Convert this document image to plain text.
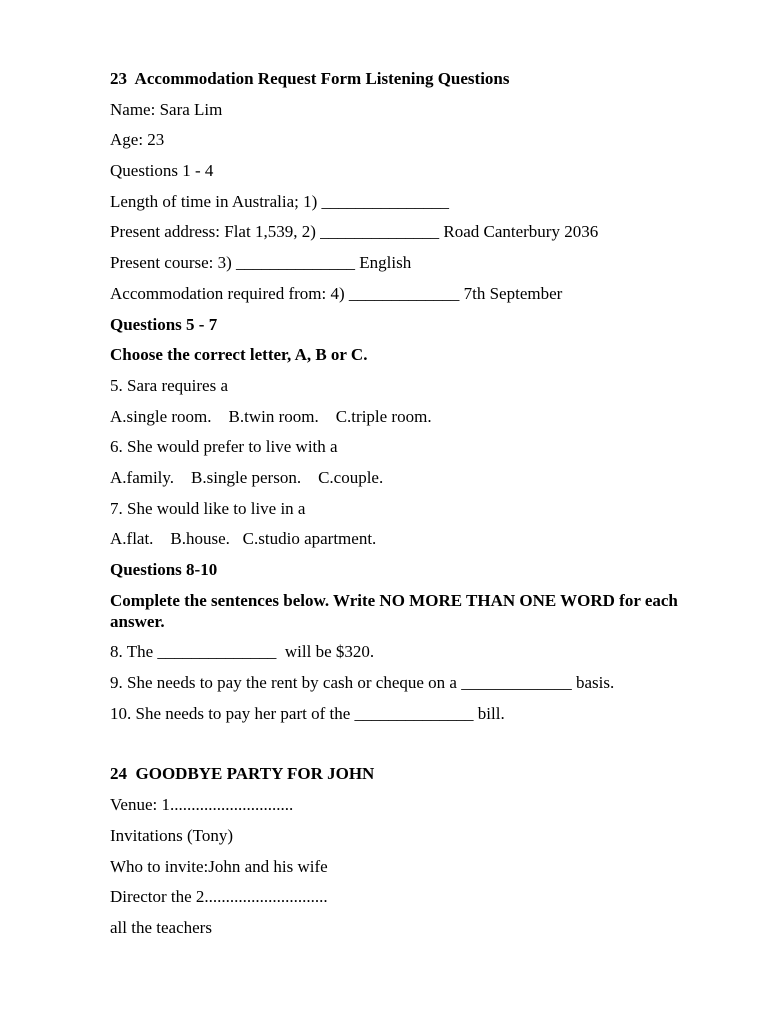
23  Accommodation Request Form Listening Questions
Name: Sara Lim
Age: 23
Questions 1 - 4
Length of time in Australia; 1) _______________
Present address: Flat 1,539, 2) ______________ Road Canterbury 2036
Present course: 3) ______________ English
Accommodation required from: 4) _____________ 7th September
Questions 5 - 7
Choose the correct letter, A, B or C.
5. Sara requires a
A.single room.    B.twin room.    C.triple room.
6. She would prefer to live with a
A.family.    B.single person.    C.couple.
7. She would like to live in a
A.flat.    B.house.   C.studio apartment.
Questions 8-10
Complete the sentences below. Write NO MORE THAN ONE WORD for each answer.
8. The ______________  will be $320.
9. She needs to pay the rent by cash or cheque on a _____________ basis.
10. She needs to pay her part of the ______________ bill.
24  GOODBYE PARTY FOR JOHN
Venue: 1.............................
Invitations (Tony)
Who to invite:John and his wife
Director the 2.............................
all the teachers
